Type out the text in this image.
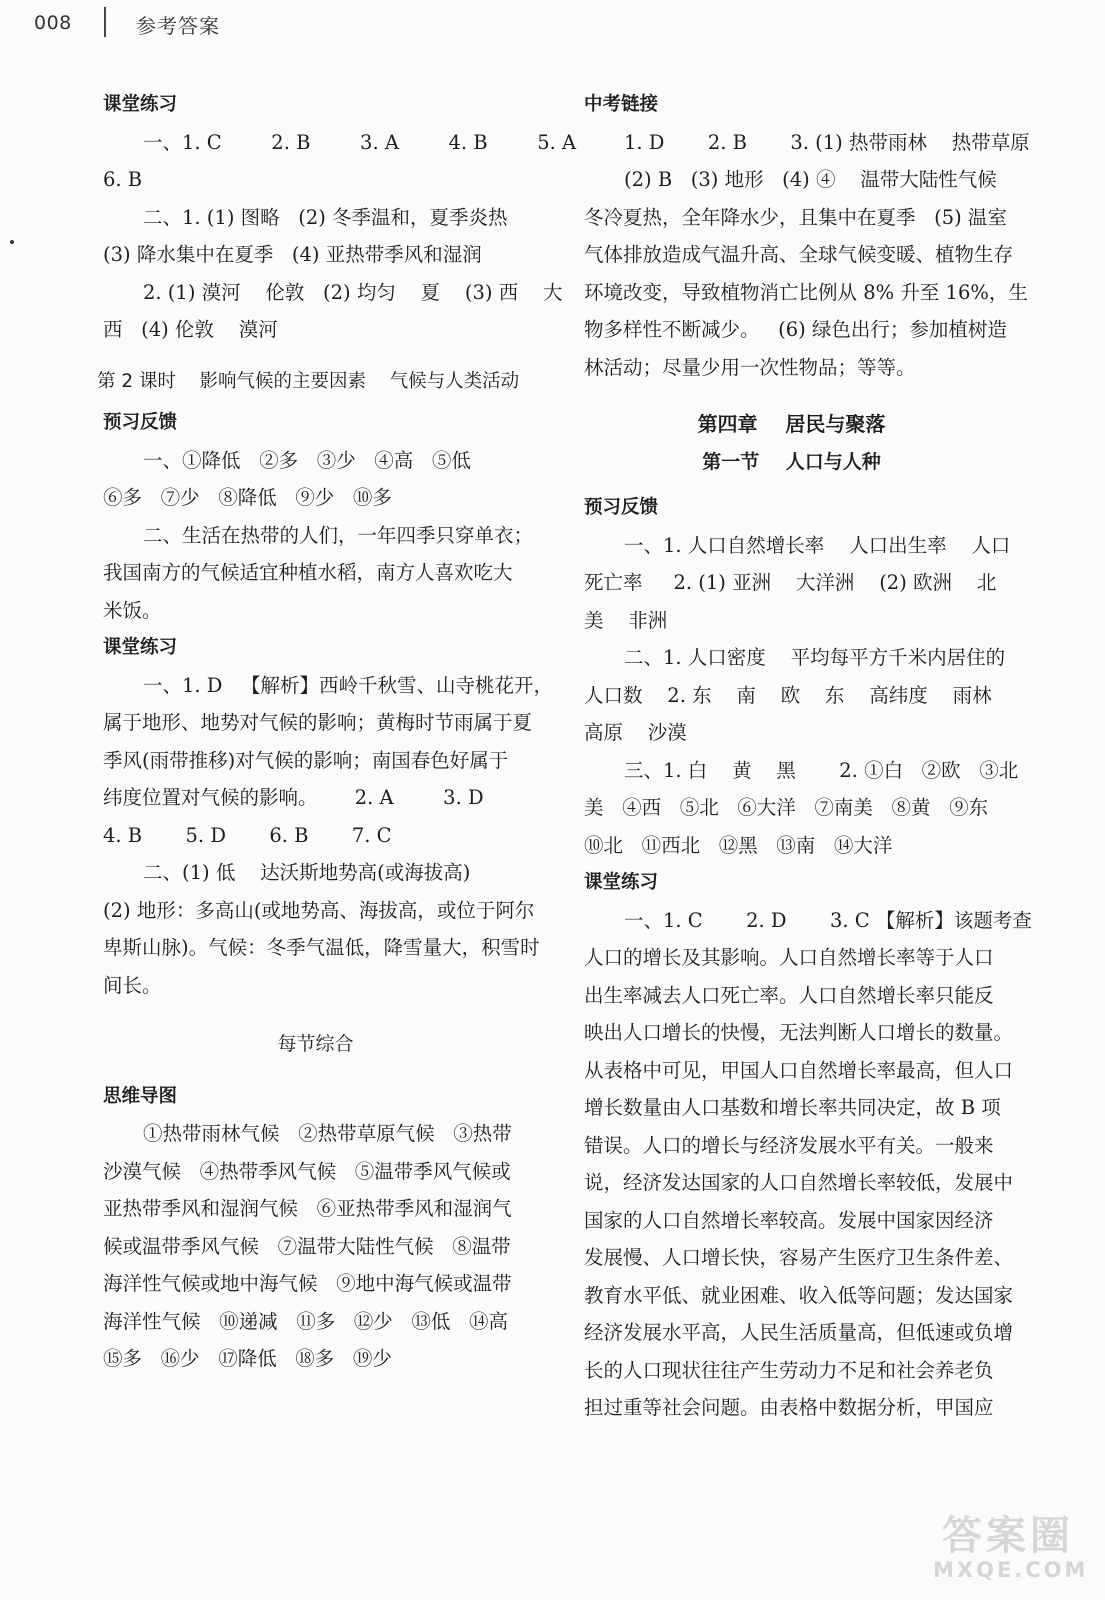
008	参考答案
课堂练习
一、1. C        2. B        3. A        4. B        5. A
6. B
二、1. (1) 图略   (2) 冬季温和，夏季炎热
(3) 降水集中在夏季   (4) 亚热带季风和湿润
2. (1) 漠河    伦敦   (2) 均匀    夏    (3) 西    大
西   (4) 伦敦    漠河
第 2 课时    影响气候的主要因素    气候与人类活动
预习反馈
一、①降低   ②多   ③少   ④高   ⑤低
⑥多   ⑦少   ⑧降低   ⑨少   ⑩多
二、生活在热带的人们，一年四季只穿单衣；
我国南方的气候适宜种植水稻，南方人喜欢吃大
米饭。
课堂练习
一、1. D   【解析】西岭千秋雪、山寺桃花开，
属于地形、地势对气候的影响；黄梅时节雨属于夏
季风(雨带推移)对气候的影响；南国春色好属于
纬度位置对气候的影响。      2. A        3. D
4. B       5. D       6. B       7. C
二、(1) 低    达沃斯地势高(或海拔高)
(2) 地形：多高山(或地势高、海拔高，或位于阿尔
卑斯山脉)。气候：冬季气温低，降雪量大，积雪时
间长。
每节综合
思维导图
①热带雨林气候   ②热带草原气候   ③热带
沙漠气候   ④热带季风气候   ⑤温带季风气候或
亚热带季风和湿润气候   ⑥亚热带季风和湿润气
候或温带季风气候   ⑦温带大陆性气候   ⑧温带
海洋性气候或地中海气候   ⑨地中海气候或温带
海洋性气候   ⑩递减   ⑪多   ⑫少   ⑬低   ⑭高
⑮多   ⑯少   ⑰降低   ⑱多   ⑲少
中考链接
1. D       2. B       3. (1) 热带雨林    热带草原
(2) B   (3) 地形   (4) ④    温带大陆性气候
冬冷夏热，全年降水少，且集中在夏季   (5) 温室
气体排放造成气温升高、全球气候变暖、植物生存
环境改变，导致植物消亡比例从 8% 升至 16%，生
物多样性不断减少。   (6) 绿色出行；参加植树造
林活动；尽量少用一次性物品；等等。
第四章    居民与聚落
第一节    人口与人种
预习反馈
一、1. 人口自然增长率    人口出生率    人口
死亡率     2. (1) 亚洲    大洋洲    (2) 欧洲    北
美    非洲
二、1. 人口密度    平均每平方千米内居住的
人口数    2. 东    南    欧    东    高纬度    雨林
高原    沙漠
三、1. 白    黄    黑       2. ①白   ②欧   ③北
美   ④西   ⑤北   ⑥大洋   ⑦南美   ⑧黄   ⑨东
⑩北   ⑪西北   ⑫黑   ⑬南   ⑭大洋
课堂练习
一、1. C       2. D       3. C 【解析】该题考查
人口的增长及其影响。人口自然增长率等于人口
出生率减去人口死亡率。人口自然增长率只能反
映出人口增长的快慢，无法判断人口增长的数量。
从表格中可见，甲国人口自然增长率最高，但人口
增长数量由人口基数和增长率共同决定，故 B 项
错误。人口的增长与经济发展水平有关。一般来
说，经济发达国家的人口自然增长率较低，发展中
国家的人口自然增长率较高。发展中国家因经济
发展慢、人口增长快，容易产生医疗卫生条件差、
教育水平低、就业困难、收入低等问题；发达国家
经济发展水平高，人民生活质量高，但低速或负增
长的人口现状往往产生劳动力不足和社会养老负
担过重等社会问题。由表格中数据分析，甲国应
答案圈
MXQE.COM
